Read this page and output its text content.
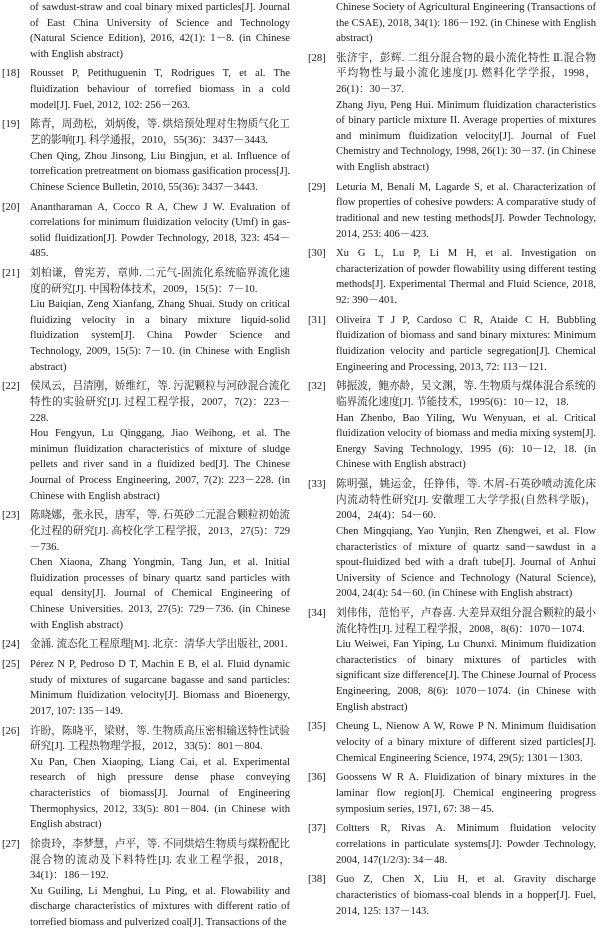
of sawdust-straw and coal binary mixed particles[J]. Journal of East China University of Science and Technology (Natural Science Edition), 2016, 42(1): 1－8. (in Chinese with English abstract)
[18] Rousset P, Petithuguenin T, Rodrigues T, et al. The fluidization behaviour of torrefied biomass in a cold model[J]. Fuel, 2012, 102: 256－263.
[19] 陈青，周劲松，刘炳俊，等. 烘焙预处理对生物质气化工艺的影响[J]. 科学通报，2010，55(36)：3437－3443.
Chen Qing, Zhou Jinsong, Liu Bingjun, et al. Influence of torrefication pretreatment on biomass gasification process[J]. Chinese Science Bulletin, 2010, 55(36): 3437－3443.
[20] Anantharaman A, Cocco R A, Chew J W. Evaluation of correlations for minimum fluidization velocity (Umf) in gas-solid fluidization[J]. Powder Technology, 2018, 323: 454－485.
[21] 刘柏谦，曾宪芳，章帅. 二元气-固流化系统临界流化速度的研究[J]. 中国粉体技术，2009，15(5)：7－10.
Liu Baiqian, Zeng Xianfang, Zhang Shuai. Study on critical fluidizing velocity in a binary mixture liquid-solid fluidization system[J]. China Powder Science and Technology, 2009, 15(5): 7－10. (in Chinese with English abstract)
[22] 侯凤云，吕清刚，娇维红，等. 污泥颗粒与河砂混合流化特性的实验研究[J]. 过程工程学报，2007，7(2)：223－228.
Hou Fengyun, Lu Qinggang, Jiao Weihong, et al. The minimun fluidization characteristics of mixture of sludge pellets and river sand in a fluidized bed[J]. The Chinese Journal of Process Engineering, 2007, 7(2): 223－228. (in Chinese with English abstract)
[23] 陈晓娜，张永民，唐军，等. 石英砂二元混合颗粒初始流化过程的研究[J]. 高校化学工程学报，2013，27(5)：729－736.
Chen Xiaona, Zhang Yongmin, Tang Jun, et al. Initial fluidization processes of binary quartz sand particles with equal density[J]. Journal of Chemical Engineering of Chinese Universities. 2013, 27(5): 729－736. (in Chinese with English abstract)
[24] 金涌. 流态化工程原理[M]. 北京：清华大学出版社, 2001.
[25] Pérez N P, Pedroso D T, Machin E B, el al. Fluid dynamic study of mixtures of sugarcane bagasse and sand particles: Minimum fluidization velocity[J]. Biomass and Bioenergy, 2017, 107: 135－149.
[26] 许盼，陈晓平，梁财，等. 生物质高压密相输送特性试验研究[J]. 工程热物理学报，2012，33(5)：801－804.
Xu Pan, Chen Xiaoping, Liang Cai, et al. Experimental research of high pressure dense phase conveying characteristics of biomass[J]. Journal of Engineering Thermophysics, 2012, 33(5): 801－804. (in Chinese with English abstract)
[27] 徐贵玲，李梦慧，卢平，等. 不同烘焙生物质与煤粉配比混合物的流动及下料特性[J]. 农业工程学报，2018，34(1)：186－192.
Xu Guiling, Li Menghui, Lu Ping, et al. Flowability and discharge characteristics of mixtures with different ratio of torrefied biomass and pulverized coal[J]. Transactions of the
Chinese Society of Agricultural Engineering (Transactions of the CSAE), 2018, 34(1): 186－192. (in Chinese with English abstract)
[28] 张济宇，彭辉. 二组分混合物的最小流化特性 Ⅱ.混合物平均物性与最小流化速度[J]. 燃料化学学报，1998，26(1)：30－37.
Zhang Jiyu, Peng Hui. Minimum fluidization characteristics of binary particle mixture II. Average properties of mixtures and minimum fluidization velocity[J]. Journal of Fuel Chemistry and Technology, 1998, 26(1): 30－37. (in Chinese with English abstract)
[29] Leturia M, Benali M, Lagarde S, et al. Characterization of flow properties of cohesive powders: A comparative study of traditional and new testing methods[J]. Powder Technology, 2014, 253: 406－423.
[30] Xu G L, Lu P, Li M H, et al. Investigation on characterization of powder flowability using different testing methods[J]. Experimental Thermal and Fluid Science, 2018, 92: 390－401.
[31] Oliveira T J P, Cardoso C R, Ataide C H. Bubbling fluidization of biomass and sand binary mixtures: Minimum fluidization velocity and particle segregation[J]. Chemical Engineering and Processing, 2013, 72: 113－121.
[32] 韩振波，鲍亦龄，吴文渊，等. 生物质与煤体混合系统的临界流化速度[J]. 节能技术，1995(6)：10－12，18.
Han Zhenbo, Bao Yiling, Wu Wenyuan, et al. Critical fluidization velocity of biomass and media mixing system[J]. Energy Saving Technology, 1995 (6): 10－12, 18. (in Chinese with English abstract)
[33] 陈明强，姚运金，任铮伟，等. 木屑-石英砂喷动流化床内流动特性研究[J]. 安徽理工大学学报(自然科学版)，2004，24(4)：54－60.
Chen Mingqiang, Yao Yunjin, Ren Zhengwei, et al. Flow characteristics of mixture of quartz sand－sawdust in a spout-fluidized bed with a draft tube[J]. Journal of Anhui University of Science and Technology (Natural Science), 2004, 24(4): 54－60. (in Chinese with English abstract)
[34] 刘伟伟，范怡平，卢春喜. 大差异双组分混合颗粒的最小流化特性[J]. 过程工程学报，2008，8(6)：1070－1074.
Liu Weiwei, Fan Yiping, Lu Chunxi. Minimum fluidization characteristics of binary mixtures of particles with significant size difference[J]. The Chinese Journal of Process Engineering, 2008, 8(6): 1070－1074. (in Chinese with English abstract)
[35] Cheung L, Nienow A W, Rowe P N. Minimum fluidisation velocity of a binary mixture of different sized particles[J]. Chemical Engineering Science, 1974, 29(5): 1301－1303.
[36] Goossens W R A. Fluidization of binary mixtures in the laminar flow region[J]. Chemical engineering progress symposium series, 1971, 67: 38－45.
[37] Coltters R, Rivas A. Minimum fluidation velocity correlations in particulate systems[J]. Powder Technology, 2004, 147(1/2/3): 34－48.
[38] Guo Z, Chen X, Liu H, et al. Gravity discharge characteristics of biomass-coal blends in a hopper[J]. Fuel, 2014, 125: 137－143.
